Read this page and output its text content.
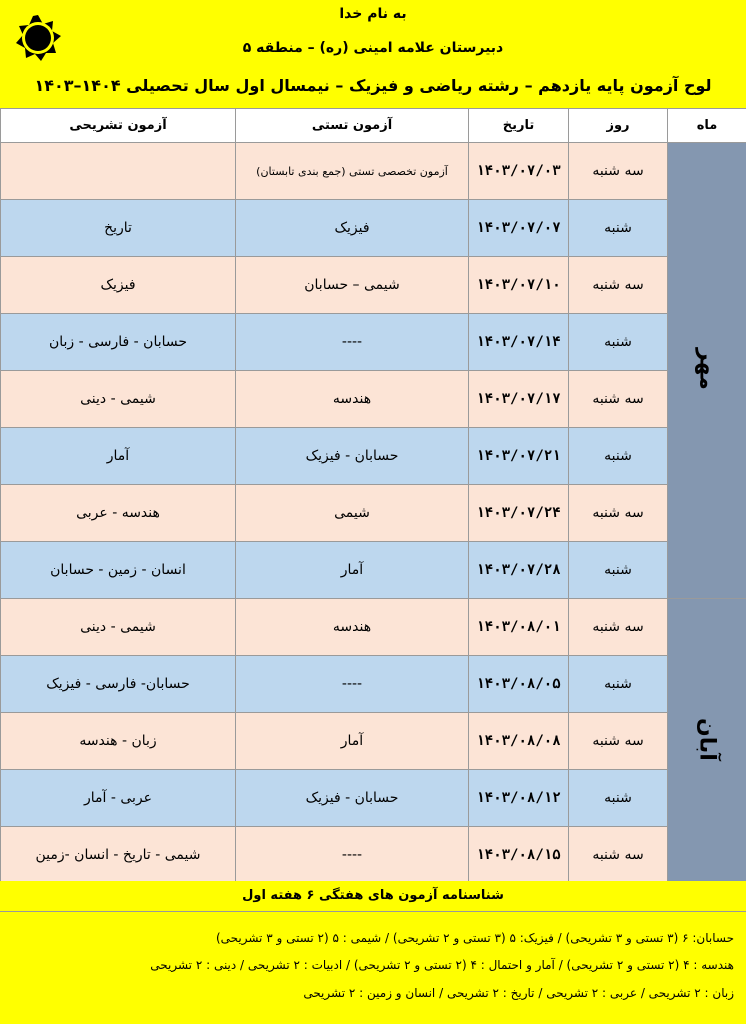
به نام خدا
دبیرستان علامه امینی (ره) – منطقه ۵
لوح آزمون پایه یازدهم – رشته ریاضی و فیزیک – نیمسال اول سال تحصیلی ۱۴۰۴–۱۴۰۳
ماه	روز	تاریخ	آزمون تستی	آزمون تشریحی
مهر	سه شنبه	۱۴۰۳/۰۷/۰۳	آزمون تخصصی تستی (جمع بندی تابستان)	
	شنبه	۱۴۰۳/۰۷/۰۷	فیزیک	تاریخ
	سه شنبه	۱۴۰۳/۰۷/۱۰	شیمی – حسابان	فیزیک
	شنبه	۱۴۰۳/۰۷/۱۴	----	حسابان - فارسی - زبان
	سه شنبه	۱۴۰۳/۰۷/۱۷	هندسه	شیمی - دینی
	شنبه	۱۴۰۳/۰۷/۲۱	حسابان - فیزیک	آمار
	سه شنبه	۱۴۰۳/۰۷/۲۴	شیمی	هندسه - عربی
	شنبه	۱۴۰۳/۰۷/۲۸	آمار	انسان - زمین - حسابان
آبان	سه شنبه	۱۴۰۳/۰۸/۰۱	هندسه	شیمی - دینی
	شنبه	۱۴۰۳/۰۸/۰۵	----	حسابان- فارسی - فیزیک
	سه شنبه	۱۴۰۳/۰۸/۰۸	آمار	زبان - هندسه
	شنبه	۱۴۰۳/۰۸/۱۲	حسابان - فیزیک	عربی - آمار
	سه شنبه	۱۴۰۳/۰۸/۱۵	----	شیمی - تاریخ - انسان -زمین
شناسنامه آزمون های هفتگی ۶ هفته اول
حسابان: ۶ (۳ تستی و ۳ تشریحی) / فیزیک: ۵ (۳ تستی و ۲ تشریحی) / شیمی : ۵ (۲ تستی و ۳ تشریحی)
هندسه : ۴ (۲ تستی و ۲ تشریحی) / آمار و احتمال : ۴ (۲ تستی و ۲ تشریحی) / ادبیات : ۲ تشریحی / دینی : ۲ تشریحی
زبان : ۲ تشریحی / عربی : ۲ تشریحی / تاریخ : ۲ تشریحی / انسان و زمین : ۲ تشریحی
